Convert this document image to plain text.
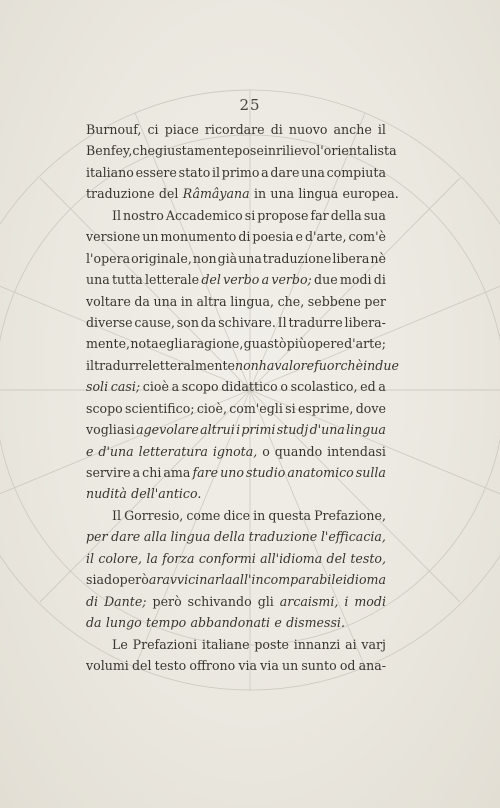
25
Burnouf, ci piace ricordare di nuovo anche il
Benfey, che giustamente pose in rilievo l'orientalista
italiano essere stato il primo a dare una compiuta
traduzione del Râmâyana in una lingua europea.
Il nostro Accademico si propose far della sua
versione un monumento di poesia e d'arte, com'è
l'opera originale, non già una traduzione libera nè
una tutta letterale del verbo a verbo; due modi di
voltare da una in altra lingua, che, sebbene per
diverse cause, son da schivare. Il tradurre libera-
mente, nota egli a ragione, guastò più opere d'arte;
il tradurre letteralmente non ha valore fuorchè in due
soli casi; cioè a scopo didattico o scolastico, ed a
scopo scientifico; cioè, com'egli si esprime, dove
vogliasi agevolare altrui i primi studj d'una lingua
e d'una letteratura ignota, o quando intendasi
servire a chi ama fare uno studio anatomico sulla
nudità dell'antico.
Il Gorresio, come dice in questa Prefazione,
per dare alla lingua della traduzione l'efficacia,
il colore, la forza conformi all'idioma del testo,
si adoperò a ravvicinarla all'incomparabile idioma
di Dante; però schivando gli arcaismi, i modi
da lungo tempo abbandonati e dismessi.
Le Prefazioni italiane poste innanzi ai varj
volumi del testo offrono via via un sunto od ana-
